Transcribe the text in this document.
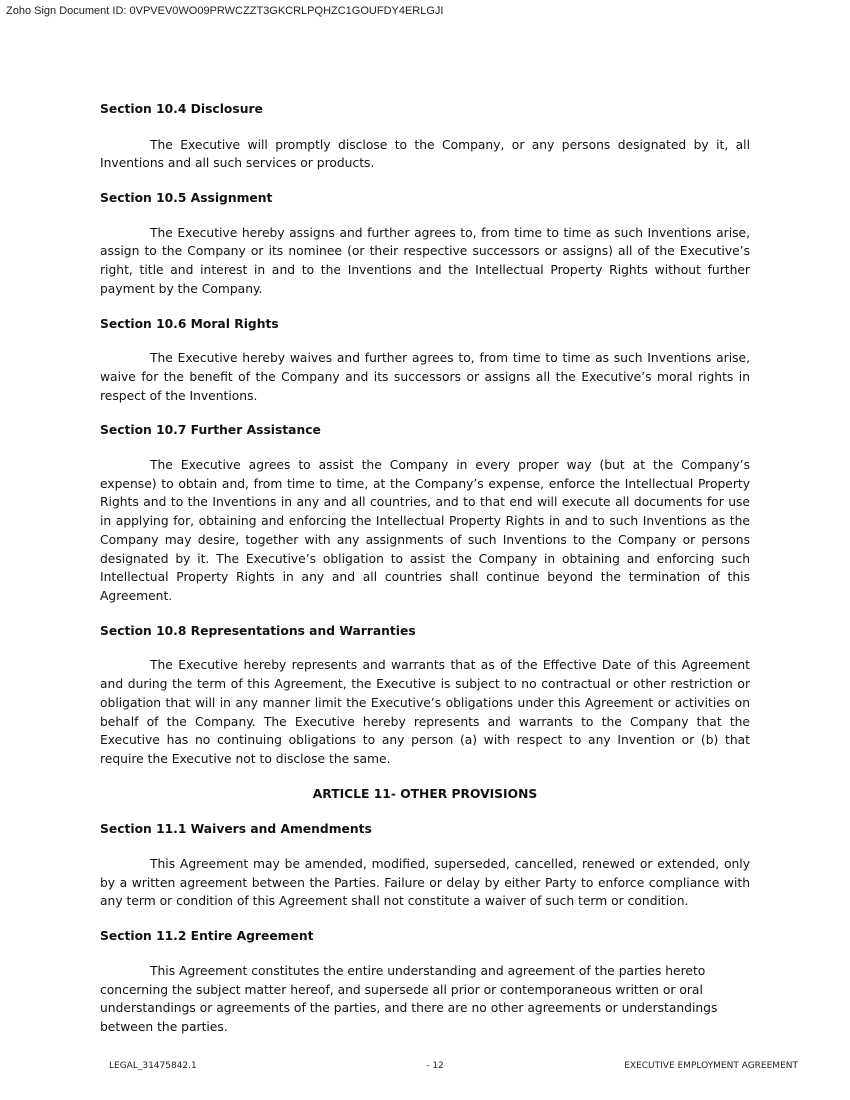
Zoho Sign Document ID: 0VPVEV0WO09PRWCZZT3GKCRLPQHZC1GOUFDY4ERLGJI

Section 10.4 Disclosure

The Executive will promptly disclose to the Company, or any persons designated by it, all Inventions and all such services or products.

Section 10.5 Assignment

The Executive hereby assigns and further agrees to, from time to time as such Inventions arise, assign to the Company or its nominee (or their respective successors or assigns) all of the Executive’s right, title and interest in and to the Inventions and the Intellectual Property Rights without further payment by the Company.

Section 10.6 Moral Rights

The Executive hereby waives and further agrees to, from time to time as such Inventions arise, waive for the benefit of the Company and its successors or assigns all the Executive’s moral rights in respect of the Inventions.

Section 10.7 Further Assistance

The Executive agrees to assist the Company in every proper way (but at the Company’s expense) to obtain and, from time to time, at the Company’s expense, enforce the Intellectual Property Rights and to the Inventions in any and all countries, and to that end will execute all documents for use in applying for, obtaining and enforcing the Intellectual Property Rights in and to such Inventions as the Company may desire, together with any assignments of such Inventions to the Company or persons designated by it. The Executive’s obligation to assist the Company in obtaining and enforcing such Intellectual Property Rights in any and all countries shall continue beyond the termination of this Agreement.

Section 10.8 Representations and Warranties

The Executive hereby represents and warrants that as of the Effective Date of this Agreement and during the term of this Agreement, the Executive is subject to no contractual or other restriction or obligation that will in any manner limit the Executive’s obligations under this Agreement or activities on behalf of the Company. The Executive hereby represents and warrants to the Company that the Executive has no continuing obligations to any person (a) with respect to any Invention or (b) that require the Executive not to disclose the same.

ARTICLE 11- OTHER PROVISIONS

Section 11.1 Waivers and Amendments

This Agreement may be amended, modified, superseded, cancelled, renewed or extended, only by a written agreement between the Parties. Failure or delay by either Party to enforce compliance with any term or condition of this Agreement shall not constitute a waiver of such term or condition.

Section 11.2 Entire Agreement

This Agreement constitutes the entire understanding and agreement of the parties hereto concerning the subject matter hereof, and supersede all prior or contemporaneous written or oral understandings or agreements of the parties, and there are no other agreements or understandings between the parties.

LEGAL_31475842.1	- 12	EXECUTIVE EMPLOYMENT AGREEMENT
